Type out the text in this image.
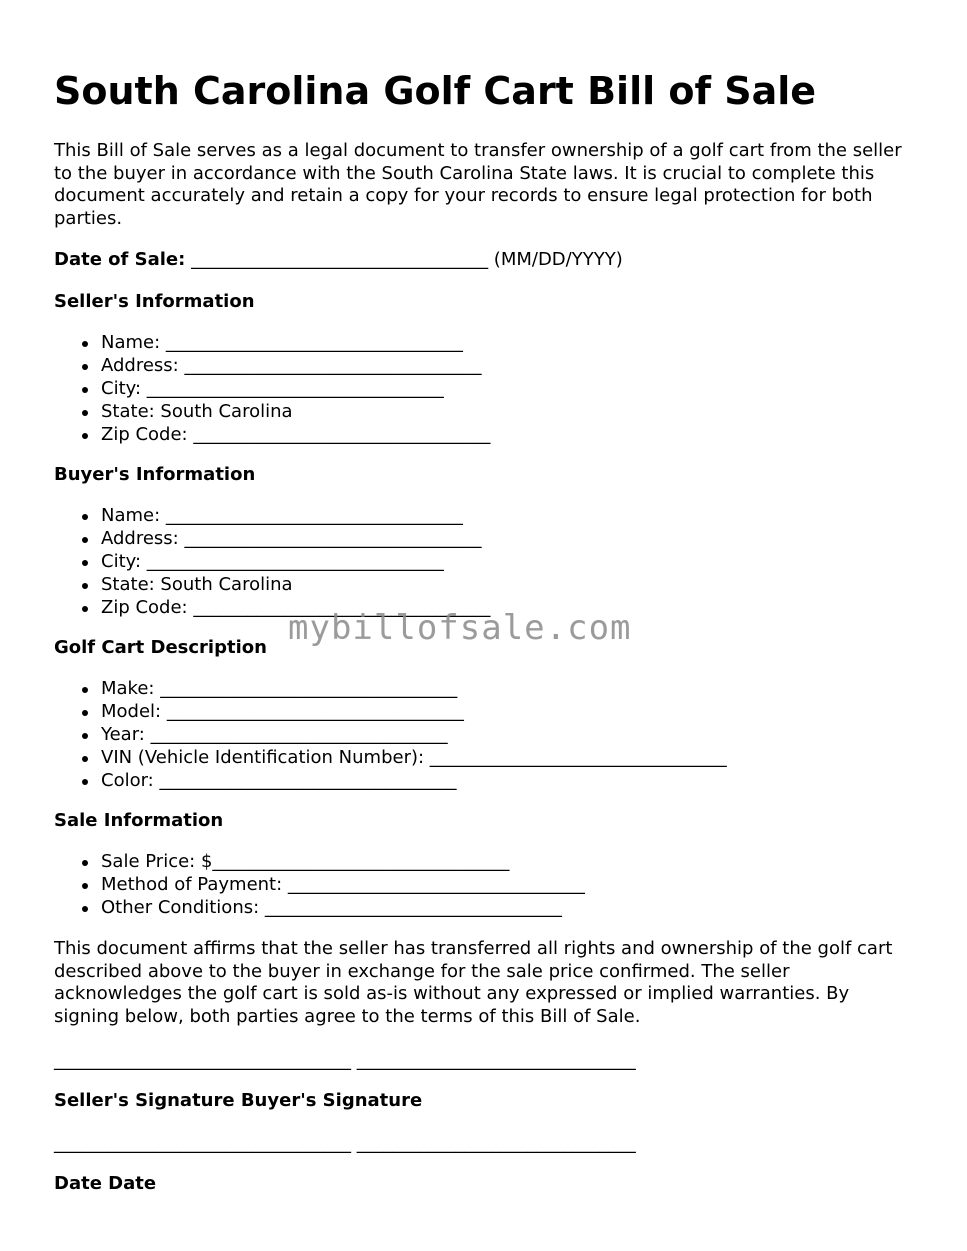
South Carolina Golf Cart Bill of Sale

This Bill of Sale serves as a legal document to transfer ownership of a golf cart from the seller to the buyer in accordance with the South Carolina State laws. It is crucial to complete this document accurately and retain a copy for your records to ensure legal protection for both parties.

Date of Sale: _________________________________ (MM/DD/YYYY)
Seller's Information
Name: _________________________________
Address: _________________________________
City: _________________________________
State: South Carolina
Zip Code: _________________________________
Buyer's Information
Name: _________________________________
Address: _________________________________
City: _________________________________
State: South Carolina
Zip Code: _________________________________
Golf Cart Description
Make: _________________________________
Model: _________________________________
Year: _________________________________
VIN (Vehicle Identification Number): _________________________________
Color: _________________________________
Sale Information
Sale Price: $_________________________________
Method of Payment: _________________________________
Other Conditions: _________________________________

This document affirms that the seller has transferred all rights and ownership of the golf cart described above to the buyer in exchange for the sale price confirmed. The seller acknowledges the golf cart is sold as-is without any expressed or implied warranties. By signing below, both parties agree to the terms of this Bill of Sale.

_________________________________ _______________________________
Seller's Signature Buyer's Signature
_________________________________ _______________________________
Date Date
mybillofsale.com
